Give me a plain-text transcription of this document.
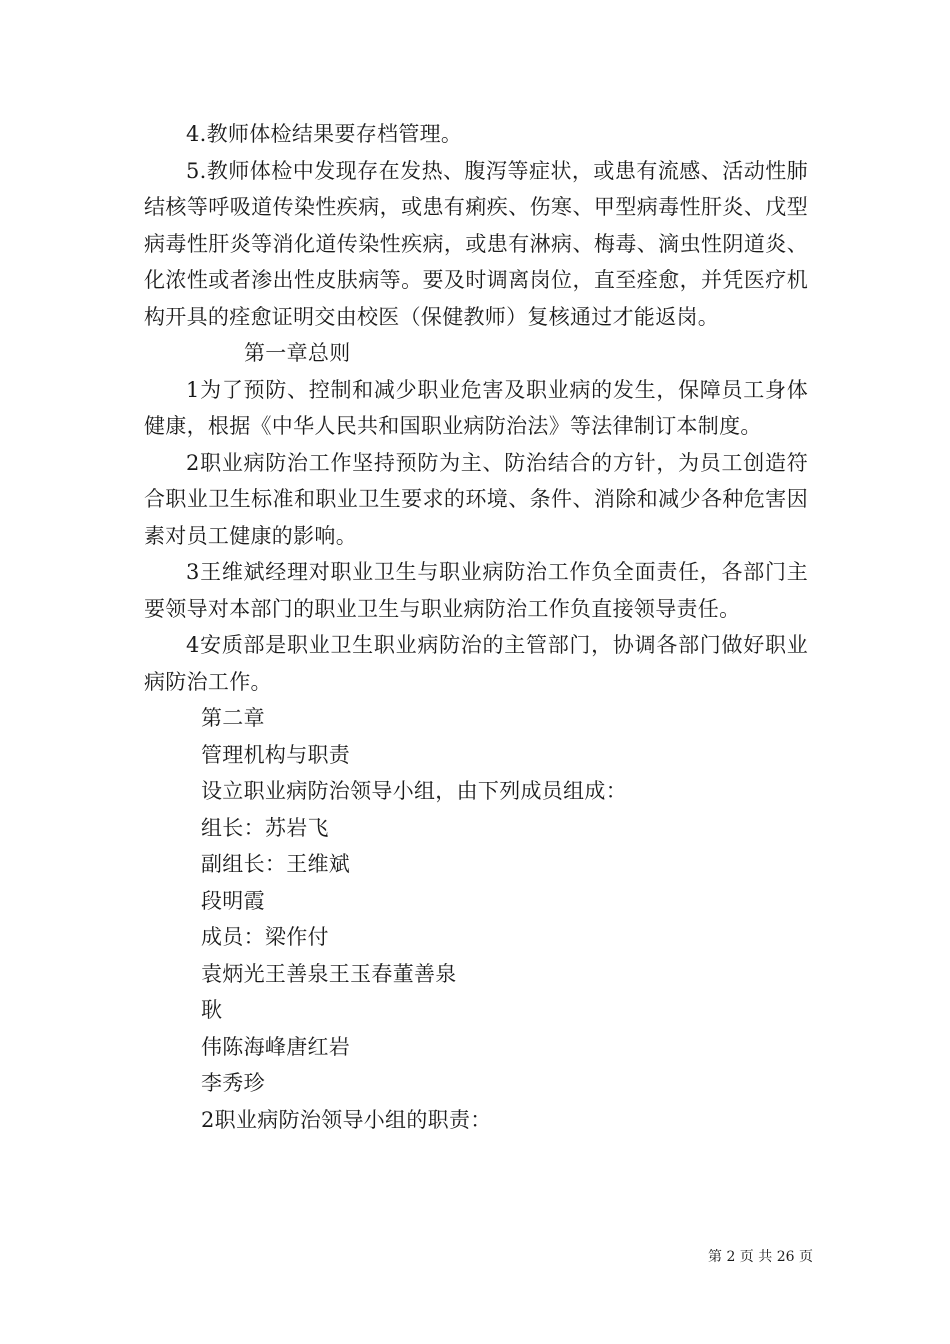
4.教师体检结果要存档管理。

5.教师体检中发现存在发热、腹泻等症状，或患有流感、活动性肺结核等呼吸道传染性疾病，或患有痢疾、伤寒、甲型病毒性肝炎、戊型病毒性肝炎等消化道传染性疾病，或患有淋病、梅毒、滴虫性阴道炎、化浓性或者渗出性皮肤病等。要及时调离岗位，直至痊愈，并凭医疗机构开具的痊愈证明交由校医（保健教师）复核通过才能返岗。

第一章总则

1为了预防、控制和减少职业危害及职业病的发生，保障员工身体健康，根据《中华人民共和国职业病防治法》等法律制订本制度。

2职业病防治工作坚持预防为主、防治结合的方针，为员工创造符合职业卫生标准和职业卫生要求的环境、条件、消除和减少各种危害因素对员工健康的影响。

3王维斌经理对职业卫生与职业病防治工作负全面责任，各部门主要领导对本部门的职业卫生与职业病防治工作负直接领导责任。

4安质部是职业卫生职业病防治的主管部门，协调各部门做好职业病防治工作。

第二章

管理机构与职责

设立职业病防治领导小组，由下列成员组成：

组长：苏岩飞

副组长：王维斌

段明霞

成员：梁作付

袁炳光王善泉王玉春董善泉

耿

伟陈海峰唐红岩

李秀珍

2职业病防治领导小组的职责：

第 2 页 共 26 页
